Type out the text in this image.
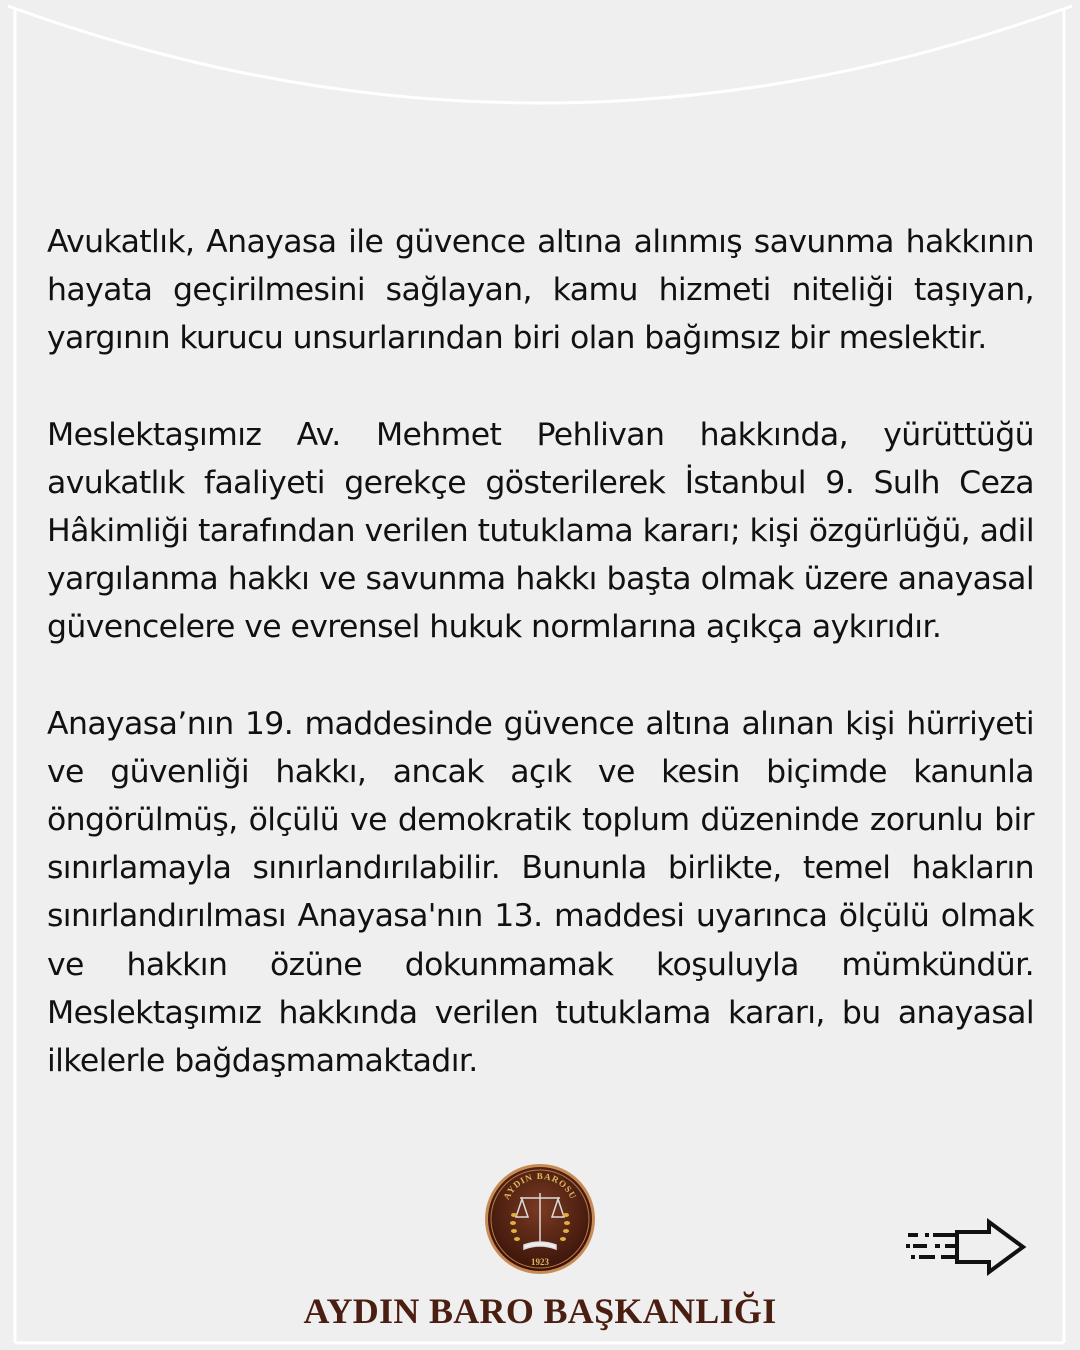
Avukatlık, Anayasa ile güvence altına alınmış savunma hakkının hayata geçirilmesini sağlayan, kamu hizmeti niteliği taşıyan, yargının kurucu unsurlarından biri olan bağımsız bir meslektir.

Meslektaşımız Av. Mehmet Pehlivan hakkında, yürüttüğü avukatlık faaliyeti gerekçe gösterilerek İstanbul 9. Sulh Ceza Hâkimliği tarafından verilen tutuklama kararı; kişi özgürlüğü, adil yargılanma hakkı ve savunma hakkı başta olmak üzere anayasal güvencelere ve evrensel hukuk normlarına açıkça aykırıdır.

Anayasa’nın 19. maddesinde güvence altına alınan kişi hürriyeti ve güvenliği hakkı, ancak açık ve kesin biçimde kanunla öngörülmüş, ölçülü ve demokratik toplum düzeninde zorunlu bir sınırlamayla sınırlandırılabilir. Bununla birlikte, temel hakların sınırlandırılması Anayasa'nın 13. maddesi uyarınca ölçülü olmak ve hakkın özüne dokunmamak koşuluyla mümkündür. Meslektaşımız hakkında verilen tutuklama kararı, bu anayasal ilkelerle bağdaşmamaktadır.

AYDIN BAROSU
1923
AYDIN BARO BAŞKANLIĞI
